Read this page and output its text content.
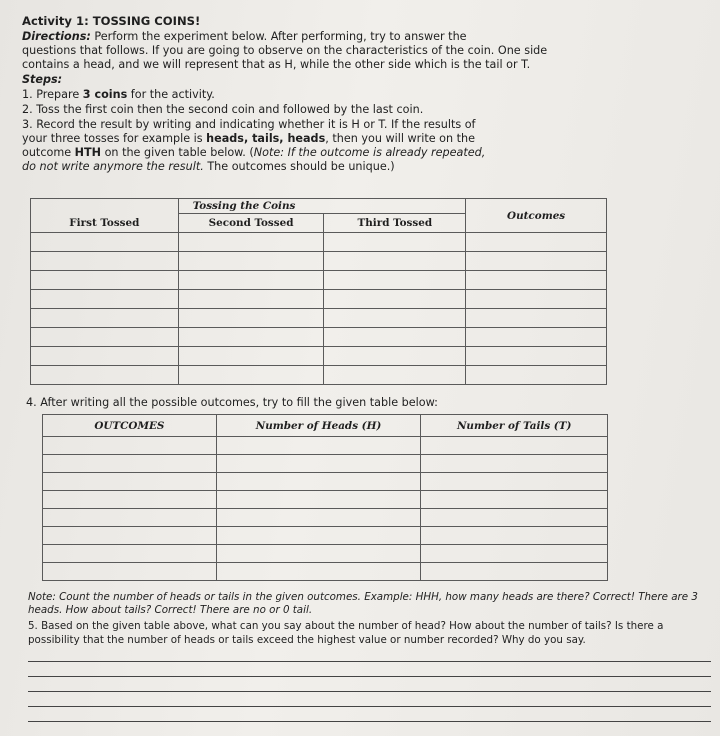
Activity 1: TOSSING COINS!
Directions: Perform the experiment below. After performing, try to answer the
questions that follows. If you are going to observe on the characteristics of the coin. One side
contains a head, and we will represent that as H, while the other side which is the tail or T.
Steps:
1. Prepare 3 coins for the activity.
2. Toss the first coin then the second coin and followed by the last coin.
3. Record the result by writing and indicating whether it is H or T. If the results of
your three tosses for example is heads, tails, heads, then you will write on the
outcome HTH on the given table below. (Note: If the outcome is already repeated,
do not write anymore the result. The outcomes should be unique.)
	Tossing the Coins		Outcomes
First Tossed	Second Tossed	Third Tossed	

4. After writing all the possible outcomes, try to fill the given table below:
OUTCOMES	Number of Heads (H)	Number of Tails (T)

Note: Count the number of heads or tails in the given outcomes. Example: HHH, how many heads are there? Correct! There are 3
heads. How about tails? Correct! There are no or 0 tail.
5. Based on the given table above, what can you say about the number of head? How about the number of tails? Is there a
possibility that the number of heads or tails exceed the highest value or number recorded? Why do you say.
